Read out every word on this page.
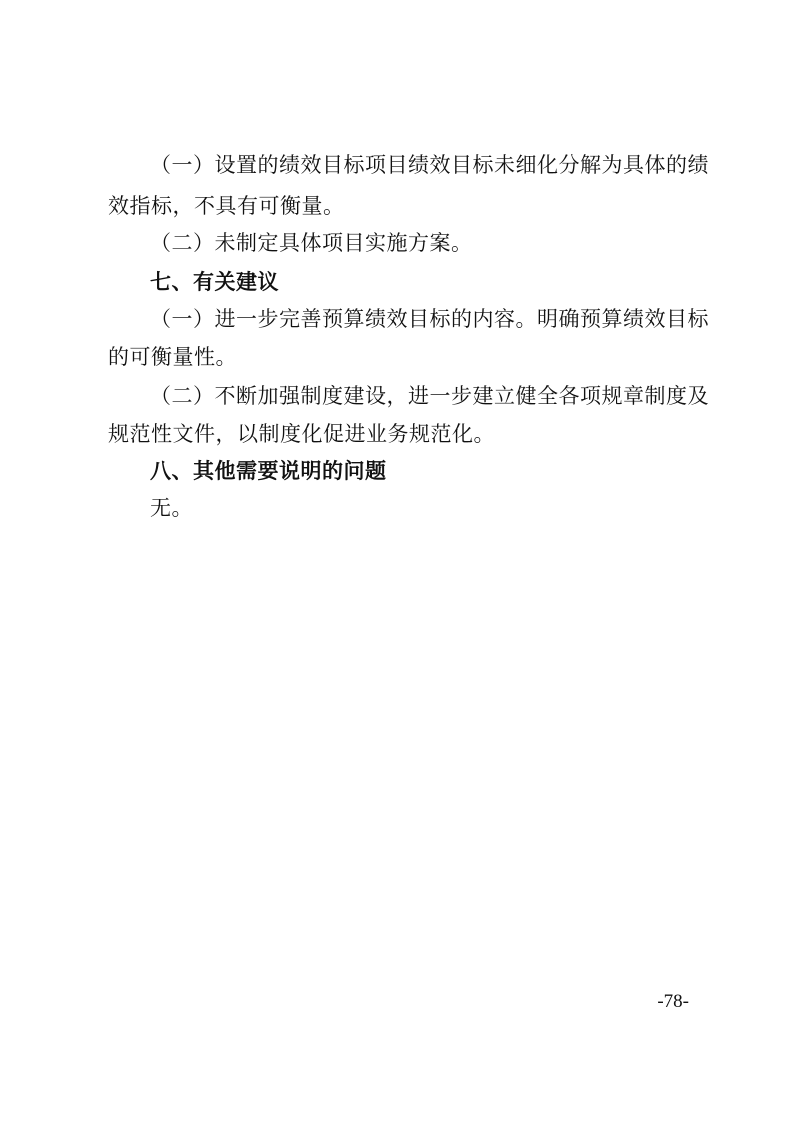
（一）设置的绩效目标项目绩效目标未细化分解为具体的绩
效指标，不具有可衡量。
（二）未制定具体项目实施方案。
七、有关建议
（一）进一步完善预算绩效目标的内容。明确预算绩效目标
的可衡量性。
（二）不断加强制度建设，进一步建立健全各项规章制度及
规范性文件，以制度化促进业务规范化。
八、其他需要说明的问题
无。
-78-
